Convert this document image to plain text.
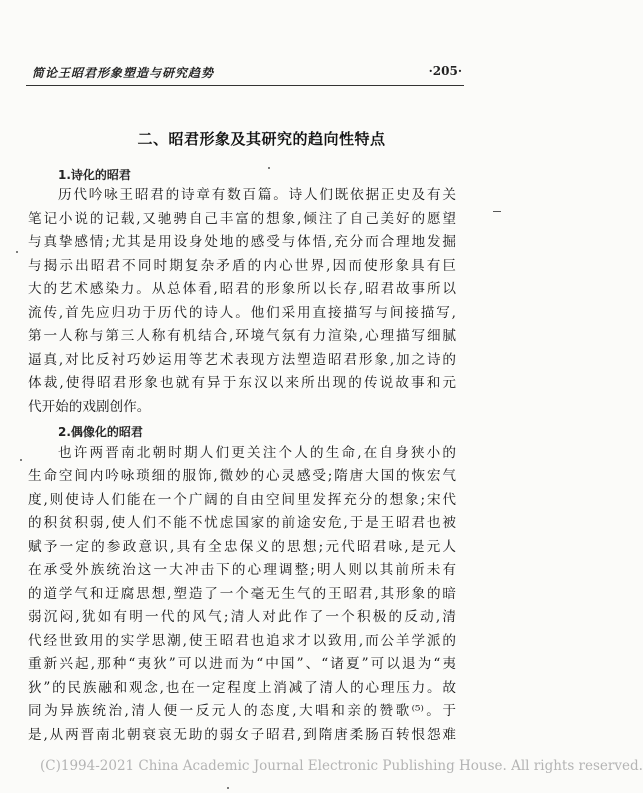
简论王昭君形象塑造与研究趋势	·205·
二、昭君形象及其研究的趋向性特点
1.诗化的昭君
历代吟咏王昭君的诗章有数百篇。诗人们既依据正史及有关
笔记小说的记载,又驰骋自己丰富的想象,倾注了自己美好的愿望
与真挚感情;尤其是用设身处地的感受与体悟,充分而合理地发掘
与揭示出昭君不同时期复杂矛盾的内心世界,因而使形象具有巨
大的艺术感染力。从总体看,昭君的形象所以长存,昭君故事所以
流传,首先应归功于历代的诗人。他们采用直接描写与间接描写,
第一人称与第三人称有机结合,环境气氛有力渲染,心理描写细腻
逼真,对比反衬巧妙运用等艺术表现方法塑造昭君形象,加之诗的
体裁,使得昭君形象也就有异于东汉以来所出现的传说故事和元
代开始的戏剧创作。
2.偶像化的昭君
也许两晋南北朝时期人们更关注个人的生命,在自身狭小的
生命空间内吟咏琐细的服饰,微妙的心灵感受;隋唐大国的恢宏气
度,则使诗人们能在一个广阔的自由空间里发挥充分的想象;宋代
的积贫积弱,使人们不能不忧虑国家的前途安危,于是王昭君也被
赋予一定的参政意识,具有全忠保义的思想;元代昭君咏,是元人
在承受外族统治这一大冲击下的心理调整;明人则以其前所未有
的道学气和迂腐思想,塑造了一个毫无生气的王昭君,其形象的暗
弱沉闷,犹如有明一代的风气;清人对此作了一个积极的反动,清
代经世致用的实学思潮,使王昭君也追求才以致用,而公羊学派的
重新兴起,那种“夷狄”可以进而为“中国”、“诸夏”可以退为“夷
狄”的民族融和观念,也在一定程度上消减了清人的心理压力。故
同为异族统治,清人便一反元人的态度,大唱和亲的赞歌⁽⁵⁾。于
是,从两晋南北朝衰哀无助的弱女子昭君,到隋唐柔肠百转恨怨难
(C)1994-2021 China Academic Journal Electronic Publishing House. All rights reserved.
